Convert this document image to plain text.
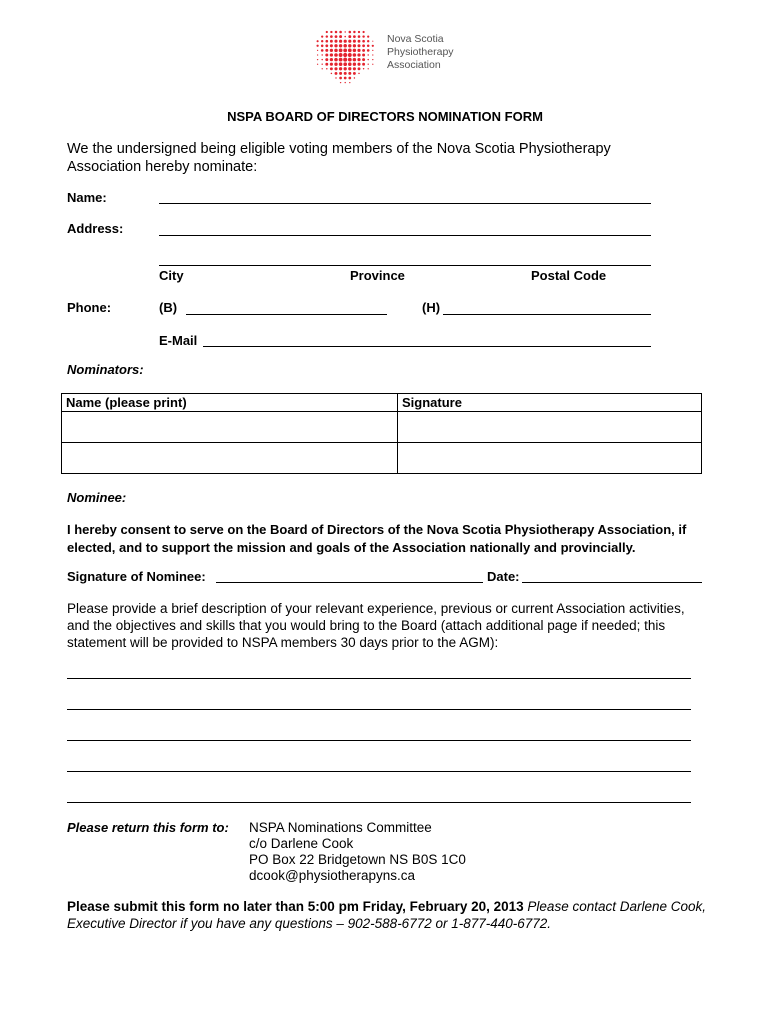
Nova Scotia
Physiotherapy
Association
NSPA BOARD OF DIRECTORS NOMINATION FORM
We the undersigned being eligible voting members of the Nova Scotia Physiotherapy Association hereby nominate:
Name:
Address:
City	Province	Postal Code
Phone:	(B)	(H)
E-Mail
Nominators:
Name (please print)	Signature

Nominee:
I hereby consent to serve on the Board of Directors of the Nova Scotia Physiotherapy Association, if elected, and to support the mission and goals of the Association nationally and provincially.
Signature of Nominee:	Date:
Please provide a brief description of your relevant experience, previous or current Association activities, and the objectives and skills that you would bring to the Board (attach additional page if needed; this statement will be provided to NSPA members 30 days prior to the AGM):
Please return this form to: NSPA Nominations Committee
c/o Darlene Cook
PO Box 22 Bridgetown NS B0S 1C0
dcook@physiotherapyns.ca
Please submit this form no later than 5:00 pm Friday, February 20, 2013 Please contact Darlene Cook, Executive Director if you have any questions – 902-588-6772 or 1-877-440-6772.
